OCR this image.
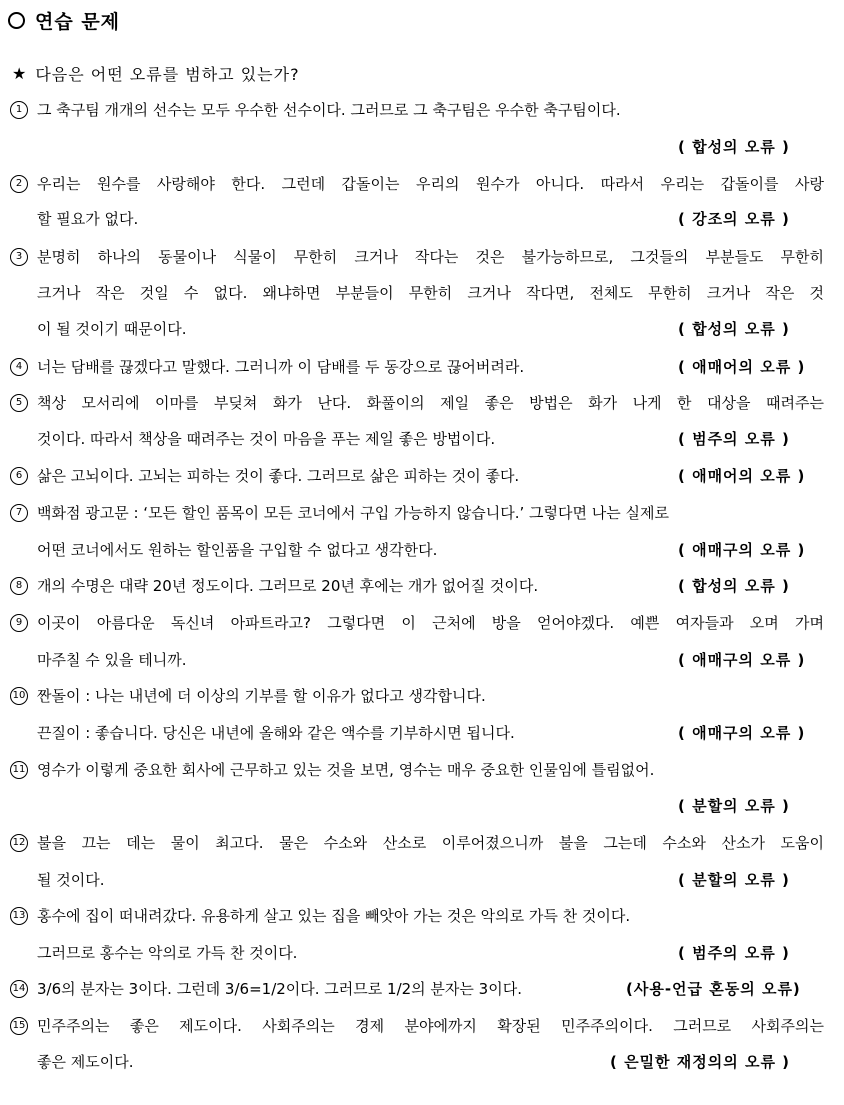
연습 문제
★ 다음은 어떤 오류를 범하고 있는가?
1 그 축구팀 개개의 선수는 모두 우수한 선수이다. 그러므로 그 축구팀은 우수한 축구팀이다.
( 합성의 오류 )
2 우리는 원수를 사랑해야 한다. 그런데 갑돌이는 우리의 원수가 아니다. 따라서 우리는 갑돌이를 사랑
할 필요가 없다.	( 강조의 오류 )
3 분명히 하나의 동물이나 식물이 무한히 크거나 작다는 것은 불가능하므로, 그것들의 부분들도 무한히
크거나 작은 것일 수 없다. 왜냐하면 부분들이 무한히 크거나 작다면, 전체도 무한히 크거나 작은 것
이 될 것이기 때문이다.	( 합성의 오류 )
4 너는 담배를 끊겠다고 말했다. 그러니까 이 담배를 두 동강으로 끊어버려라.	( 애매어의 오류 )
5 책상 모서리에 이마를 부딪쳐 화가 난다. 화풀이의 제일 좋은 방법은 화가 나게 한 대상을 때려주는
것이다. 따라서 책상을 때려주는 것이 마음을 푸는 제일 좋은 방법이다.	( 범주의 오류 )
6 삶은 고뇌이다. 고뇌는 피하는 것이 좋다. 그러므로 삶은 피하는 것이 좋다.	( 애매어의 오류 )
7 백화점 광고문 : ‘모든 할인 품목이 모든 코너에서 구입 가능하지 않습니다.’ 그렇다면 나는 실제로
어떤 코너에서도 원하는 할인품을 구입할 수 없다고 생각한다.	( 애매구의 오류 )
8 개의 수명은 대략 20년 정도이다. 그러므로 20년 후에는 개가 없어질 것이다.	( 합성의 오류 )
9 이곳이 아름다운 독신녀 아파트라고? 그렇다면 이 근처에 방을 얻어야겠다. 예쁜 여자들과 오며 가며
마주칠 수 있을 테니까.	( 애매구의 오류 )
10 짠돌이 : 나는 내년에 더 이상의 기부를 할 이유가 없다고 생각합니다.
끈질이 : 좋습니다. 당신은 내년에 올해와 같은 액수를 기부하시면 됩니다.	( 애매구의 오류 )
11 영수가 이렇게 중요한 회사에 근무하고 있는 것을 보면, 영수는 매우 중요한 인물임에 틀림없어.
( 분할의 오류 )
12 불을 끄는 데는 물이 최고다. 물은 수소와 산소로 이루어졌으니까 불을 그는데 수소와 산소가 도움이
될 것이다.	( 분할의 오류 )
13 홍수에 집이 떠내려갔다. 유용하게 살고 있는 집을 빼앗아 가는 것은 악의로 가득 찬 것이다.
그러므로 홍수는 악의로 가득 찬 것이다.	( 범주의 오류 )
14 3/6의 분자는 3이다. 그런데 3/6=1/2이다. 그러므로 1/2의 분자는 3이다.	(사용-언급 혼동의 오류)
15 민주주의는 좋은 제도이다. 사회주의는 경제 분야에까지 확장된 민주주의이다. 그러므로 사회주의는
좋은 제도이다.	( 은밀한 재정의의 오류 )
